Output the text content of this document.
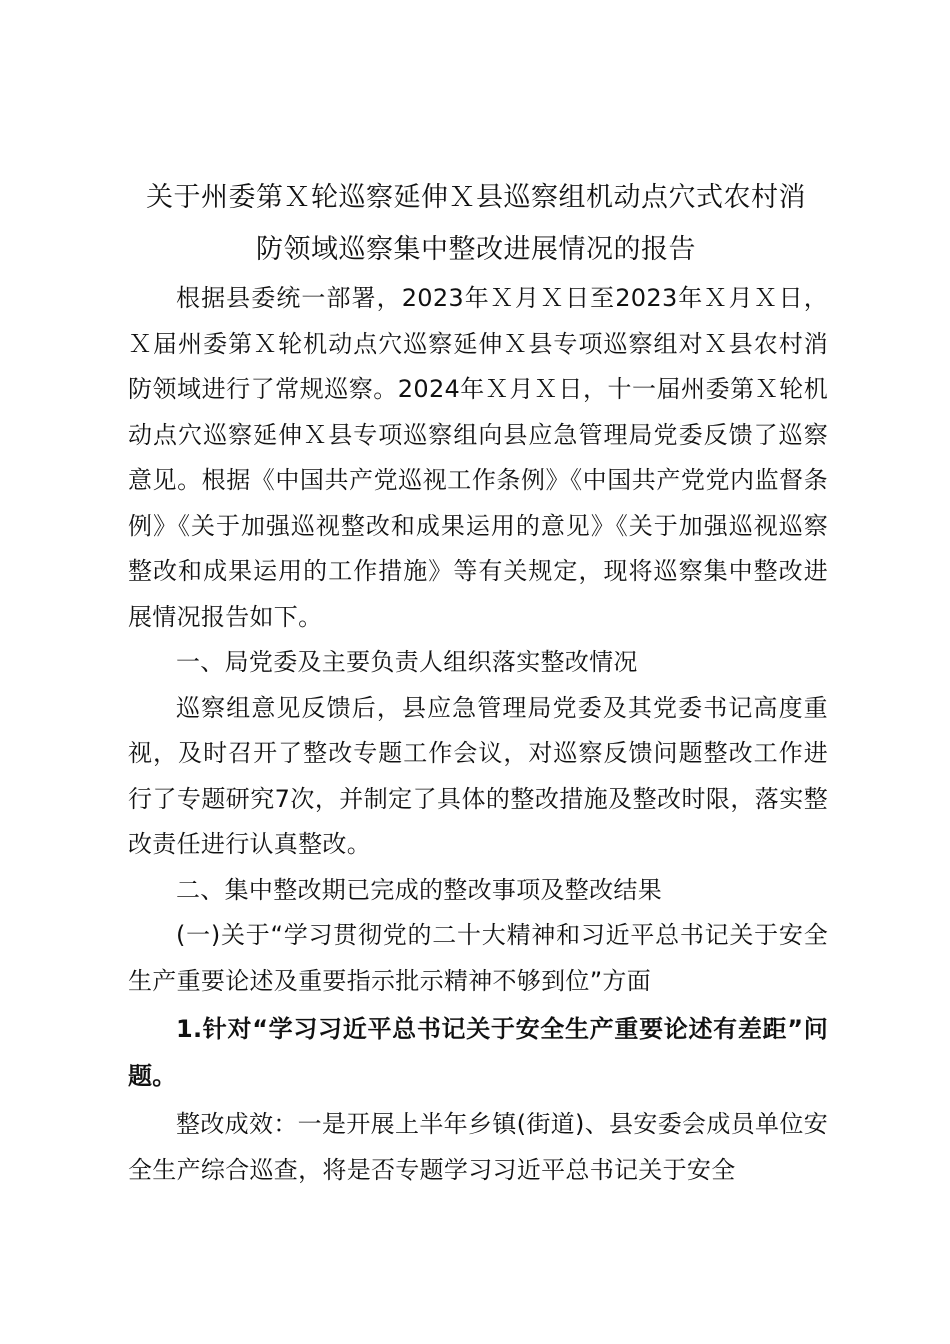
关于州委第Ｘ轮巡察延伸Ｘ县巡察组机动点穴式农村消
防领域巡察集中整改进展情况的报告

根据县委统一部署，2023年Ｘ月Ｘ日至2023年Ｘ月Ｘ日，Ｘ届州委第Ｘ轮机动点穴巡察延伸Ｘ县专项巡察组对Ｘ县农村消防领域进行了常规巡察。2024年Ｘ月Ｘ日，十一届州委第Ｘ轮机动点穴巡察延伸Ｘ县专项巡察组向县应急管理局党委反馈了巡察意见。根据《中国共产党巡视工作条例》《中国共产党党内监督条例》《关于加强巡视整改和成果运用的意见》《关于加强巡视巡察整改和成果运用的工作措施》等有关规定，现将巡察集中整改进展情况报告如下。

一、局党委及主要负责人组织落实整改情况

巡察组意见反馈后，县应急管理局党委及其党委书记高度重视，及时召开了整改专题工作会议，对巡察反馈问题整改工作进行了专题研究7次，并制定了具体的整改措施及整改时限，落实整改责任进行认真整改。

二、集中整改期已完成的整改事项及整改结果

(一)关于“学习贯彻党的二十大精神和习近平总书记关于安全生产重要论述及重要指示批示精神不够到位”方面

1.针对“学习习近平总书记关于安全生产重要论述有差距”问题。

整改成效：一是开展上半年乡镇(街道)、县安委会成员单位安全生产综合巡查，将是否专题学习习近平总书记关于安全
